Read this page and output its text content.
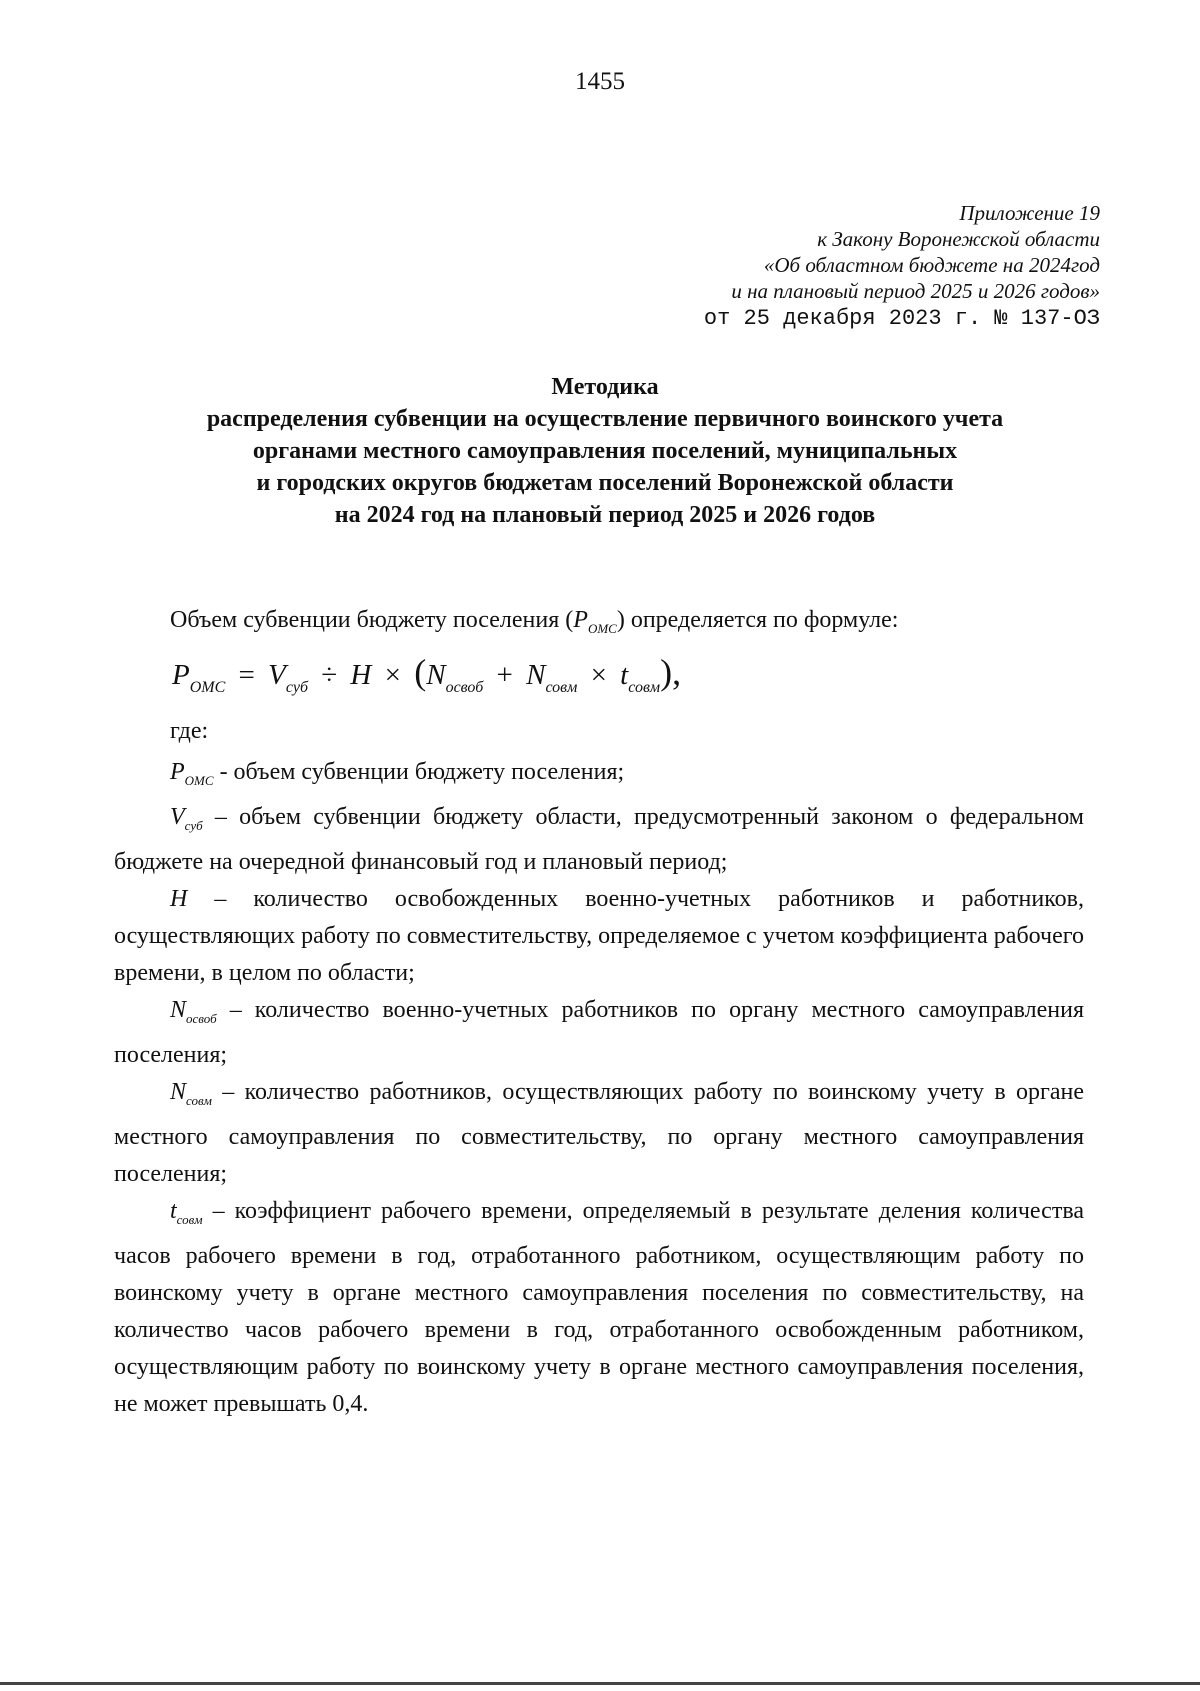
1455
Приложение 19
к Закону Воронежской области
«Об областном бюджете на 2024год
и на плановый период 2025 и 2026 годов»
от 25 декабря 2023 г. № 137-ОЗ
Методика
распределения субвенции на осуществление первичного воинского учета
органами местного самоуправления поселений, муниципальных
и городских округов бюджетам поселений Воронежской области
на 2024 год на плановый период 2025 и 2026 годов

Объем субвенции бюджету поселения $(P_{ОМС})$ определяется по формуле:

$P_{ОМС} = V_{суб} \div H \times (N_{освоб} + N_{совм} \times t_{совм})$,

где:

$P_{ОМС}$ - объем субвенции бюджету поселения;

$V_{суб}$ – объем субвенции бюджету области, предусмотренный законом о федеральном бюджете на очередной финансовый год и плановый период;

H – количество освобожденных военно-учетных работников и работников, осуществляющих работу по совместительству, определяемое с учетом коэффициента рабочего времени, в целом по области;

$N_{освоб}$ – количество военно-учетных работников по органу местного самоуправления поселения;

$N_{совм}$ – количество работников, осуществляющих работу по воинскому учету в органе местного самоуправления по совместительству, по органу местного самоуправления поселения;

$t_{совм}$ – коэффициент рабочего времени, определяемый в результате деления количества часов рабочего времени в год, отработанного работником, осуществляющим работу по воинскому учету в органе местного самоуправления поселения по совместительству, на количество часов рабочего времени в год, отработанного освобожденным работником, осуществляющим работу по воинскому учету в органе местного самоуправления поселения, не может превышать 0,4.
